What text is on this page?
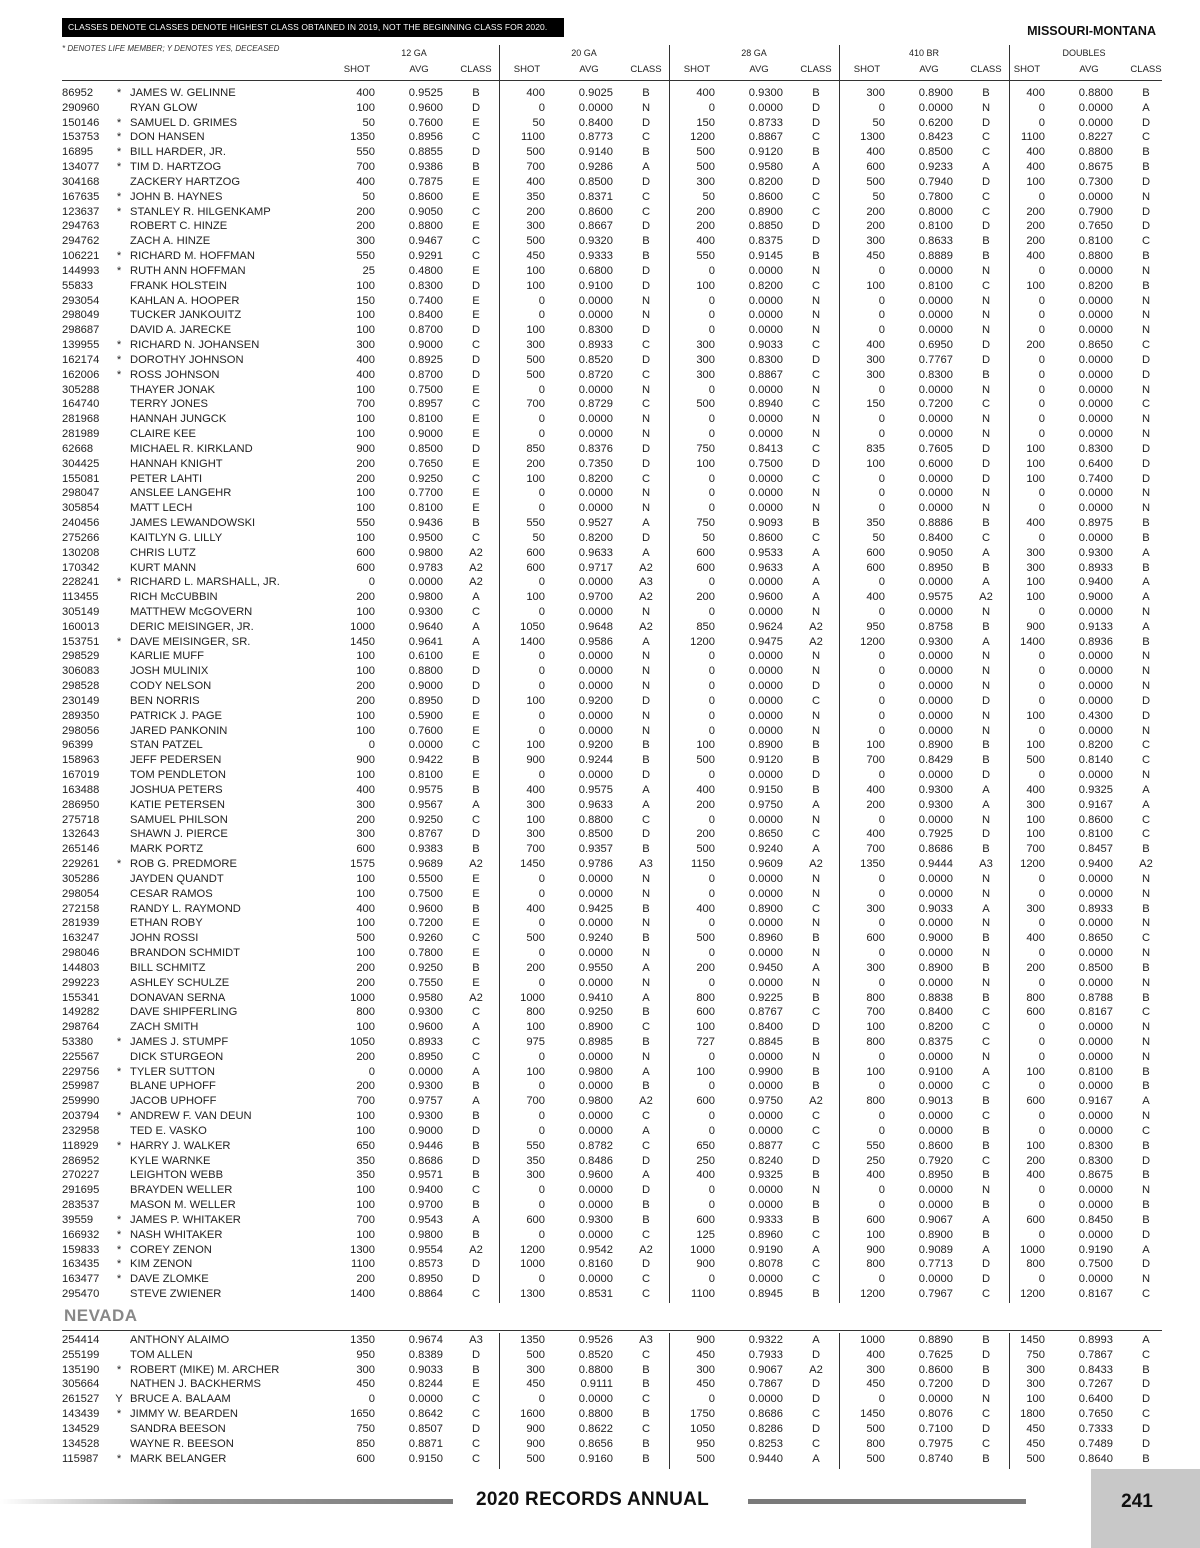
CLASSES DENOTE CLASSES DENOTE HIGHEST CLASS OBTAINED IN 2019, NOT THE BEGINNING CLASS FOR 2020.	MISSOURI-MONTANA
* DENOTES LIFE MEMBER; Y DENOTES YES, DECEASED	12 GA	20 GA	28 GA	410 BR	DOUBLES
SHOT	AVG	CLASS	SHOT	AVG	CLASS	SHOT	AVG	CLASS	SHOT	AVG	CLASS	SHOT	AVG	CLASS
86952 * JAMES W. GELINNE	400	0.9525	B	400	0.9025	B	400	0.9300	B	300	0.8900	B	400	0.8800	B
290960	RYAN GLOW	100	0.9600	D	0	0.0000	N	0	0.0000	D	0	0.0000	N	0	0.0000	A
150146 * SAMUEL D. GRIMES	50	0.7600	E	50	0.8400	D	150	0.8733	D	50	0.6200	D	0	0.0000	D
153753 * DON HANSEN	1350	0.8956	C	1100	0.8773	C	1200	0.8867	C	1300	0.8423	C	1100	0.8227	C
16895 * BILL HARDER, JR.	550	0.8855	D	500	0.9140	B	500	0.9120	B	400	0.8500	C	400	0.8800	B
134077 * TIM D. HARTZOG	700	0.9386	B	700	0.9286	A	500	0.9580	A	600	0.9233	A	400	0.8675	B
304168	ZACKERY HARTZOG	400	0.7875	E	400	0.8500	D	300	0.8200	D	500	0.7940	D	100	0.7300	D
167635 * JOHN B. HAYNES	50	0.8600	E	350	0.8371	C	50	0.8600	C	50	0.7800	C	0	0.0000	N
123637 * STANLEY R. HILGENKAMP	200	0.9050	C	200	0.8600	C	200	0.8900	C	200	0.8000	C	200	0.7900	D
294763	ROBERT C. HINZE	200	0.8800	E	300	0.8667	D	200	0.8850	D	200	0.8100	D	200	0.7650	D
294762	ZACH A. HINZE	300	0.9467	C	500	0.9320	B	400	0.8375	D	300	0.8633	B	200	0.8100	C
106221 * RICHARD M. HOFFMAN	550	0.9291	C	450	0.9333	B	550	0.9145	B	450	0.8889	B	400	0.8800	B
144993 * RUTH ANN HOFFMAN	25	0.4800	E	100	0.6800	D	0	0.0000	N	0	0.0000	N	0	0.0000	N
55833	FRANK HOLSTEIN	100	0.8300	D	100	0.9100	D	100	0.8200	C	100	0.8100	C	100	0.8200	B
293054	KAHLAN A. HOOPER	150	0.7400	E	0	0.0000	N	0	0.0000	N	0	0.0000	N	0	0.0000	N
298049	TUCKER JANKOUITZ	100	0.8400	E	0	0.0000	N	0	0.0000	N	0	0.0000	N	0	0.0000	N
298687	DAVID A. JARECKE	100	0.8700	D	100	0.8300	D	0	0.0000	N	0	0.0000	N	0	0.0000	N
139955 * RICHARD N. JOHANSEN	300	0.9000	C	300	0.8933	C	300	0.9033	C	400	0.6950	D	200	0.8650	C
162174 * DOROTHY JOHNSON	400	0.8925	D	500	0.8520	D	300	0.8300	D	300	0.7767	D	0	0.0000	D
162006 * ROSS JOHNSON	400	0.8700	D	500	0.8720	C	300	0.8867	C	300	0.8300	B	0	0.0000	D
305288	THAYER JONAK	100	0.7500	E	0	0.0000	N	0	0.0000	N	0	0.0000	N	0	0.0000	N
164740	TERRY JONES	700	0.8957	C	700	0.8729	C	500	0.8940	C	150	0.7200	C	0	0.0000	C
281968	HANNAH JUNGCK	100	0.8100	E	0	0.0000	N	0	0.0000	N	0	0.0000	N	0	0.0000	N
281989	CLAIRE KEE	100	0.9000	E	0	0.0000	N	0	0.0000	N	0	0.0000	N	0	0.0000	N
62668	MICHAEL R. KIRKLAND	900	0.8500	D	850	0.8376	D	750	0.8413	C	835	0.7605	D	100	0.8300	D
304425	HANNAH KNIGHT	200	0.7650	E	200	0.7350	D	100	0.7500	D	100	0.6000	D	100	0.6400	D
155081	PETER LAHTI	200	0.9250	C	100	0.8200	C	0	0.0000	C	0	0.0000	D	100	0.7400	D
298047	ANSLEE LANGEHR	100	0.7700	E	0	0.0000	N	0	0.0000	N	0	0.0000	N	0	0.0000	N
305854	MATT LECH	100	0.8100	E	0	0.0000	N	0	0.0000	N	0	0.0000	N	0	0.0000	N
240456	JAMES LEWANDOWSKI	550	0.9436	B	550	0.9527	A	750	0.9093	B	350	0.8886	B	400	0.8975	B
275266	KAITLYN G. LILLY	100	0.9500	C	50	0.8200	D	50	0.8600	C	50	0.8400	C	0	0.0000	B
130208	CHRIS LUTZ	600	0.9800	A2	600	0.9633	A	600	0.9533	A	600	0.9050	A	300	0.9300	A
170342	KURT MANN	600	0.9783	A2	600	0.9717	A2	600	0.9633	A	600	0.8950	B	300	0.8933	B
228241 * RICHARD L. MARSHALL, JR.	0	0.0000	A2	0	0.0000	A3	0	0.0000	A	0	0.0000	A	100	0.9400	A
113455	RICH McCUBBIN	200	0.9800	A	100	0.9700	A2	200	0.9600	A	400	0.9575	A2	100	0.9000	A
305149	MATTHEW McGOVERN	100	0.9300	C	0	0.0000	N	0	0.0000	N	0	0.0000	N	0	0.0000	N
160013	DERIC MEISINGER, JR.	1000	0.9640	A	1050	0.9648	A2	850	0.9624	A2	950	0.8758	B	900	0.9133	A
153751 * DAVE MEISINGER, SR.	1450	0.9641	A	1400	0.9586	A	1200	0.9475	A2	1200	0.9300	A	1400	0.8936	B
298529	KARLIE MUFF	100	0.6100	E	0	0.0000	N	0	0.0000	N	0	0.0000	N	0	0.0000	N
306083	JOSH MULINIX	100	0.8800	D	0	0.0000	N	0	0.0000	N	0	0.0000	N	0	0.0000	N
298528	CODY NELSON	200	0.9000	D	0	0.0000	N	0	0.0000	D	0	0.0000	N	0	0.0000	N
230149	BEN NORRIS	200	0.8950	D	100	0.9200	D	0	0.0000	C	0	0.0000	D	0	0.0000	D
289350	PATRICK J. PAGE	100	0.5900	E	0	0.0000	N	0	0.0000	N	0	0.0000	N	100	0.4300	D
298056	JARED PANKONIN	100	0.7600	E	0	0.0000	N	0	0.0000	N	0	0.0000	N	0	0.0000	N
96399	STAN PATZEL	0	0.0000	C	100	0.9200	B	100	0.8900	B	100	0.8900	B	100	0.8200	C
158963	JEFF PEDERSEN	900	0.9422	B	900	0.9244	B	500	0.9120	B	700	0.8429	B	500	0.8140	C
167019	TOM PENDLETON	100	0.8100	E	0	0.0000	D	0	0.0000	D	0	0.0000	D	0	0.0000	N
163488	JOSHUA PETERS	400	0.9575	B	400	0.9575	A	400	0.9150	B	400	0.9300	A	400	0.9325	A
286950	KATIE PETERSEN	300	0.9567	A	300	0.9633	A	200	0.9750	A	200	0.9300	A	300	0.9167	A
275718	SAMUEL PHILSON	200	0.9250	C	100	0.8800	C	0	0.0000	N	0	0.0000	N	100	0.8600	C
132643	SHAWN J. PIERCE	300	0.8767	D	300	0.8500	D	200	0.8650	C	400	0.7925	D	100	0.8100	C
265146	MARK PORTZ	600	0.9383	B	700	0.9357	B	500	0.9240	A	700	0.8686	B	700	0.8457	B
229261 * ROB G. PREDMORE	1575	0.9689	A2	1450	0.9786	A3	1150	0.9609	A2	1350	0.9444	A3	1200	0.9400	A2
305286	JAYDEN QUANDT	100	0.5500	E	0	0.0000	N	0	0.0000	N	0	0.0000	N	0	0.0000	N
298054	CESAR RAMOS	100	0.7500	E	0	0.0000	N	0	0.0000	N	0	0.0000	N	0	0.0000	N
272158	RANDY L. RAYMOND	400	0.9600	B	400	0.9425	B	400	0.8900	C	300	0.9033	A	300	0.8933	B
281939	ETHAN ROBY	100	0.7200	E	0	0.0000	N	0	0.0000	N	0	0.0000	N	0	0.0000	N
163247	JOHN ROSSI	500	0.9260	C	500	0.9240	B	500	0.8960	B	600	0.9000	B	400	0.8650	C
298046	BRANDON SCHMIDT	100	0.7800	E	0	0.0000	N	0	0.0000	N	0	0.0000	N	0	0.0000	N
144803	BILL SCHMITZ	200	0.9250	B	200	0.9550	A	200	0.9450	A	300	0.8900	B	200	0.8500	B
299223	ASHLEY SCHULZE	200	0.7550	E	0	0.0000	N	0	0.0000	N	0	0.0000	N	0	0.0000	N
155341	DONAVAN SERNA	1000	0.9580	A2	1000	0.9410	A	800	0.9225	B	800	0.8838	B	800	0.8788	B
149282	DAVE SHIPFERLING	800	0.9300	C	800	0.9250	B	600	0.8767	C	700	0.8400	C	600	0.8167	C
298764	ZACH SMITH	100	0.9600	A	100	0.8900	C	100	0.8400	D	100	0.8200	C	0	0.0000	N
53380 * JAMES J. STUMPF	1050	0.8933	C	975	0.8985	B	727	0.8845	B	800	0.8375	C	0	0.0000	N
225567	DICK STURGEON	200	0.8950	C	0	0.0000	N	0	0.0000	N	0	0.0000	N	0	0.0000	N
229756 * TYLER SUTTON	0	0.0000	A	100	0.9800	A	100	0.9900	B	100	0.9100	A	100	0.8100	B
259987	BLANE UPHOFF	200	0.9300	B	0	0.0000	B	0	0.0000	B	0	0.0000	C	0	0.0000	B
259990	JACOB UPHOFF	700	0.9757	A	700	0.9800	A2	600	0.9750	A2	800	0.9013	B	600	0.9167	A
203794 * ANDREW F. VAN DEUN	100	0.9300	B	0	0.0000	C	0	0.0000	C	0	0.0000	C	0	0.0000	N
232958	TED E. VASKO	100	0.9000	D	0	0.0000	A	0	0.0000	C	0	0.0000	B	0	0.0000	C
118929 * HARRY J. WALKER	650	0.9446	B	550	0.8782	C	650	0.8877	C	550	0.8600	B	100	0.8300	B
286952	KYLE WARNKE	350	0.8686	D	350	0.8486	D	250	0.8240	D	250	0.7920	C	200	0.8300	D
270227	LEIGHTON WEBB	350	0.9571	B	300	0.9600	A	400	0.9325	B	400	0.8950	B	400	0.8675	B
291695	BRAYDEN WELLER	100	0.9400	C	0	0.0000	D	0	0.0000	N	0	0.0000	N	0	0.0000	N
283537	MASON M. WELLER	100	0.9700	B	0	0.0000	B	0	0.0000	B	0	0.0000	B	0	0.0000	B
39559 * JAMES P. WHITAKER	700	0.9543	A	600	0.9300	B	600	0.9333	B	600	0.9067	A	600	0.8450	B
166932 * NASH WHITAKER	100	0.9800	B	0	0.0000	C	125	0.8960	C	100	0.8900	B	0	0.0000	D
159833 * COREY ZENON	1300	0.9554	A2	1200	0.9542	A2	1000	0.9190	A	900	0.9089	A	1000	0.9190	A
163435 * KIM ZENON	1100	0.8573	D	1000	0.8160	D	900	0.8078	C	800	0.7713	D	800	0.7500	D
163477 * DAVE ZLOMKE	200	0.8950	D	0	0.0000	C	0	0.0000	C	0	0.0000	D	0	0.0000	N
295470	STEVE ZWIENER	1400	0.8864	C	1300	0.8531	C	1100	0.8945	B	1200	0.7967	C	1200	0.8167	C
NEVADA
254414	ANTHONY ALAIMO	1350	0.9674	A3	1350	0.9526	A3	900	0.9322	A	1000	0.8890	B	1450	0.8993	A
255199	TOM ALLEN	950	0.8389	D	500	0.8520	C	450	0.7933	D	400	0.7625	D	750	0.7867	C
135190 * ROBERT (MIKE) M. ARCHER	300	0.9033	B	300	0.8800	B	300	0.9067	A2	300	0.8600	B	300	0.8433	B
305664	NATHEN J. BACKHERMS	450	0.8244	E	450	0.9111	B	450	0.7867	D	450	0.7200	D	300	0.7267	D
261527 Y BRUCE A. BALAAM	0	0.0000	C	0	0.0000	C	0	0.0000	D	0	0.0000	N	100	0.6400	D
143439 * JIMMY W. BEARDEN	1650	0.8642	C	1600	0.8800	B	1750	0.8686	C	1450	0.8076	C	1800	0.7650	C
134529	SANDRA BEESON	750	0.8507	D	900	0.8622	C	1050	0.8286	D	500	0.7100	D	450	0.7333	D
134528	WAYNE R. BEESON	850	0.8871	C	900	0.8656	B	950	0.8253	C	800	0.7975	C	450	0.7489	D
115987 * MARK BELANGER	600	0.9150	C	500	0.9160	B	500	0.9440	A	500	0.8740	B	500	0.8640	B
2020 RECORDS ANNUAL	241
